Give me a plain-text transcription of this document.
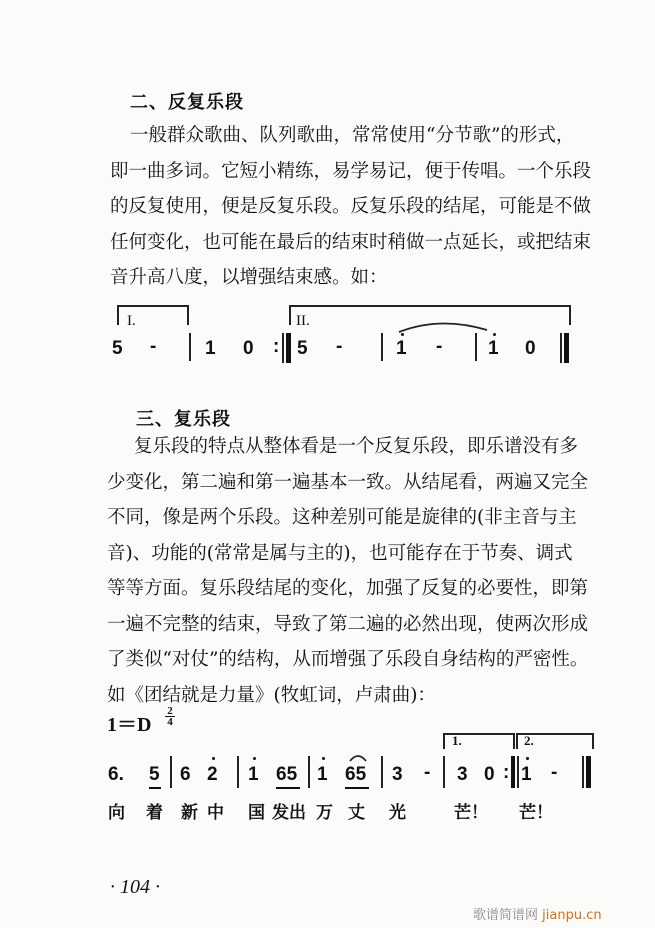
二、反复乐段
一般群众歌曲、队列歌曲，常常使用“分节歌”的形式，
即一曲多词。它短小精练，易学易记，便于传唱。一个乐段
的反复使用，便是反复乐段。反复乐段的结尾，可能是不做
任何变化，也可能在最后的结束时稍做一点延长，或把结束
音升高八度，以增强结束感。如：
I.	II.
5 -	1 0 : 5 -	1 - 1 0
三、复乐段
复乐段的特点从整体看是一个反复乐段，即乐谱没有多
少变化，第二遍和第一遍基本一致。从结尾看，两遍又完全
不同，像是两个乐段。这种差别可能是旋律的(非主音与主
音)、功能的(常常是属与主的)，也可能存在于节奏、调式
等等方面。复乐段结尾的变化，加强了反复的必要性，即第
一遍不完整的结束，导致了第二遍的必然出现，使两次形成
了类似“对仗”的结构，从而增强了乐段自身结构的严密性。
如《团结就是力量》(牧虹词，卢肃曲)：
1＝D
2
4
1.	2.
6. 5 6 2 1 65 1 65 3 - 3 0 : 1 -
向 着 新 中 国 发出 万 丈 光	芒！ 芒！
· 104 ·
歌谱简谱网 jianpu.cn
